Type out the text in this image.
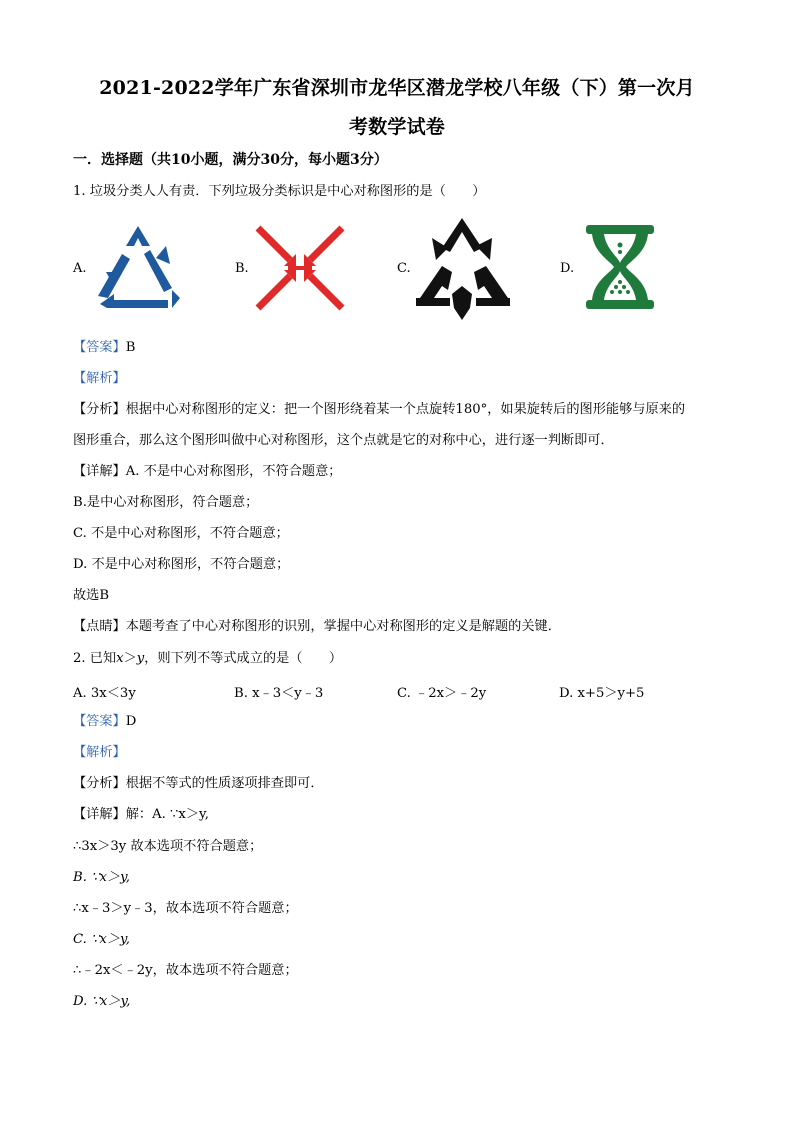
2021-2022学年广东省深圳市龙华区潜龙学校八年级（下）第一次月
考数学试卷
一．选择题（共10小题，满分30分，每小题3分）
1. 垃圾分类人人有责．下列垃圾分类标识是中心对称图形的是（　　）
A.	B.	C.	D.
【答案】B
【解析】
【分析】根据中心对称图形的定义：把一个图形绕着某一个点旋转180°，如果旋转后的图形能够与原来的
图形重合，那么这个图形叫做中心对称图形，这个点就是它的对称中心，进行逐一判断即可．
【详解】A. 不是中心对称图形，不符合题意；
B.是中心对称图形，符合题意；
C. 不是中心对称图形，不符合题意；
D. 不是中心对称图形，不符合题意；
故选B
【点睛】本题考查了中心对称图形的识别，掌握中心对称图形的定义是解题的关键．
2. 已知x＞y，则下列不等式成立的是（　　）
A. 3x＜3y	B. x﹣3＜y﹣3	C. ﹣2x＞﹣2y	D. x+5＞y+5
【答案】D
【解析】
【分析】根据不等式的性质逐项排查即可．
【详解】解：A. ∵x＞y,
∴3x＞3y 故本选项不符合题意；
B. ∵x＞y,
∴x﹣3＞y﹣3，故本选项不符合题意；
C. ∵x＞y,
∴﹣2x＜﹣2y，故本选项不符合题意；
D. ∵x＞y,
